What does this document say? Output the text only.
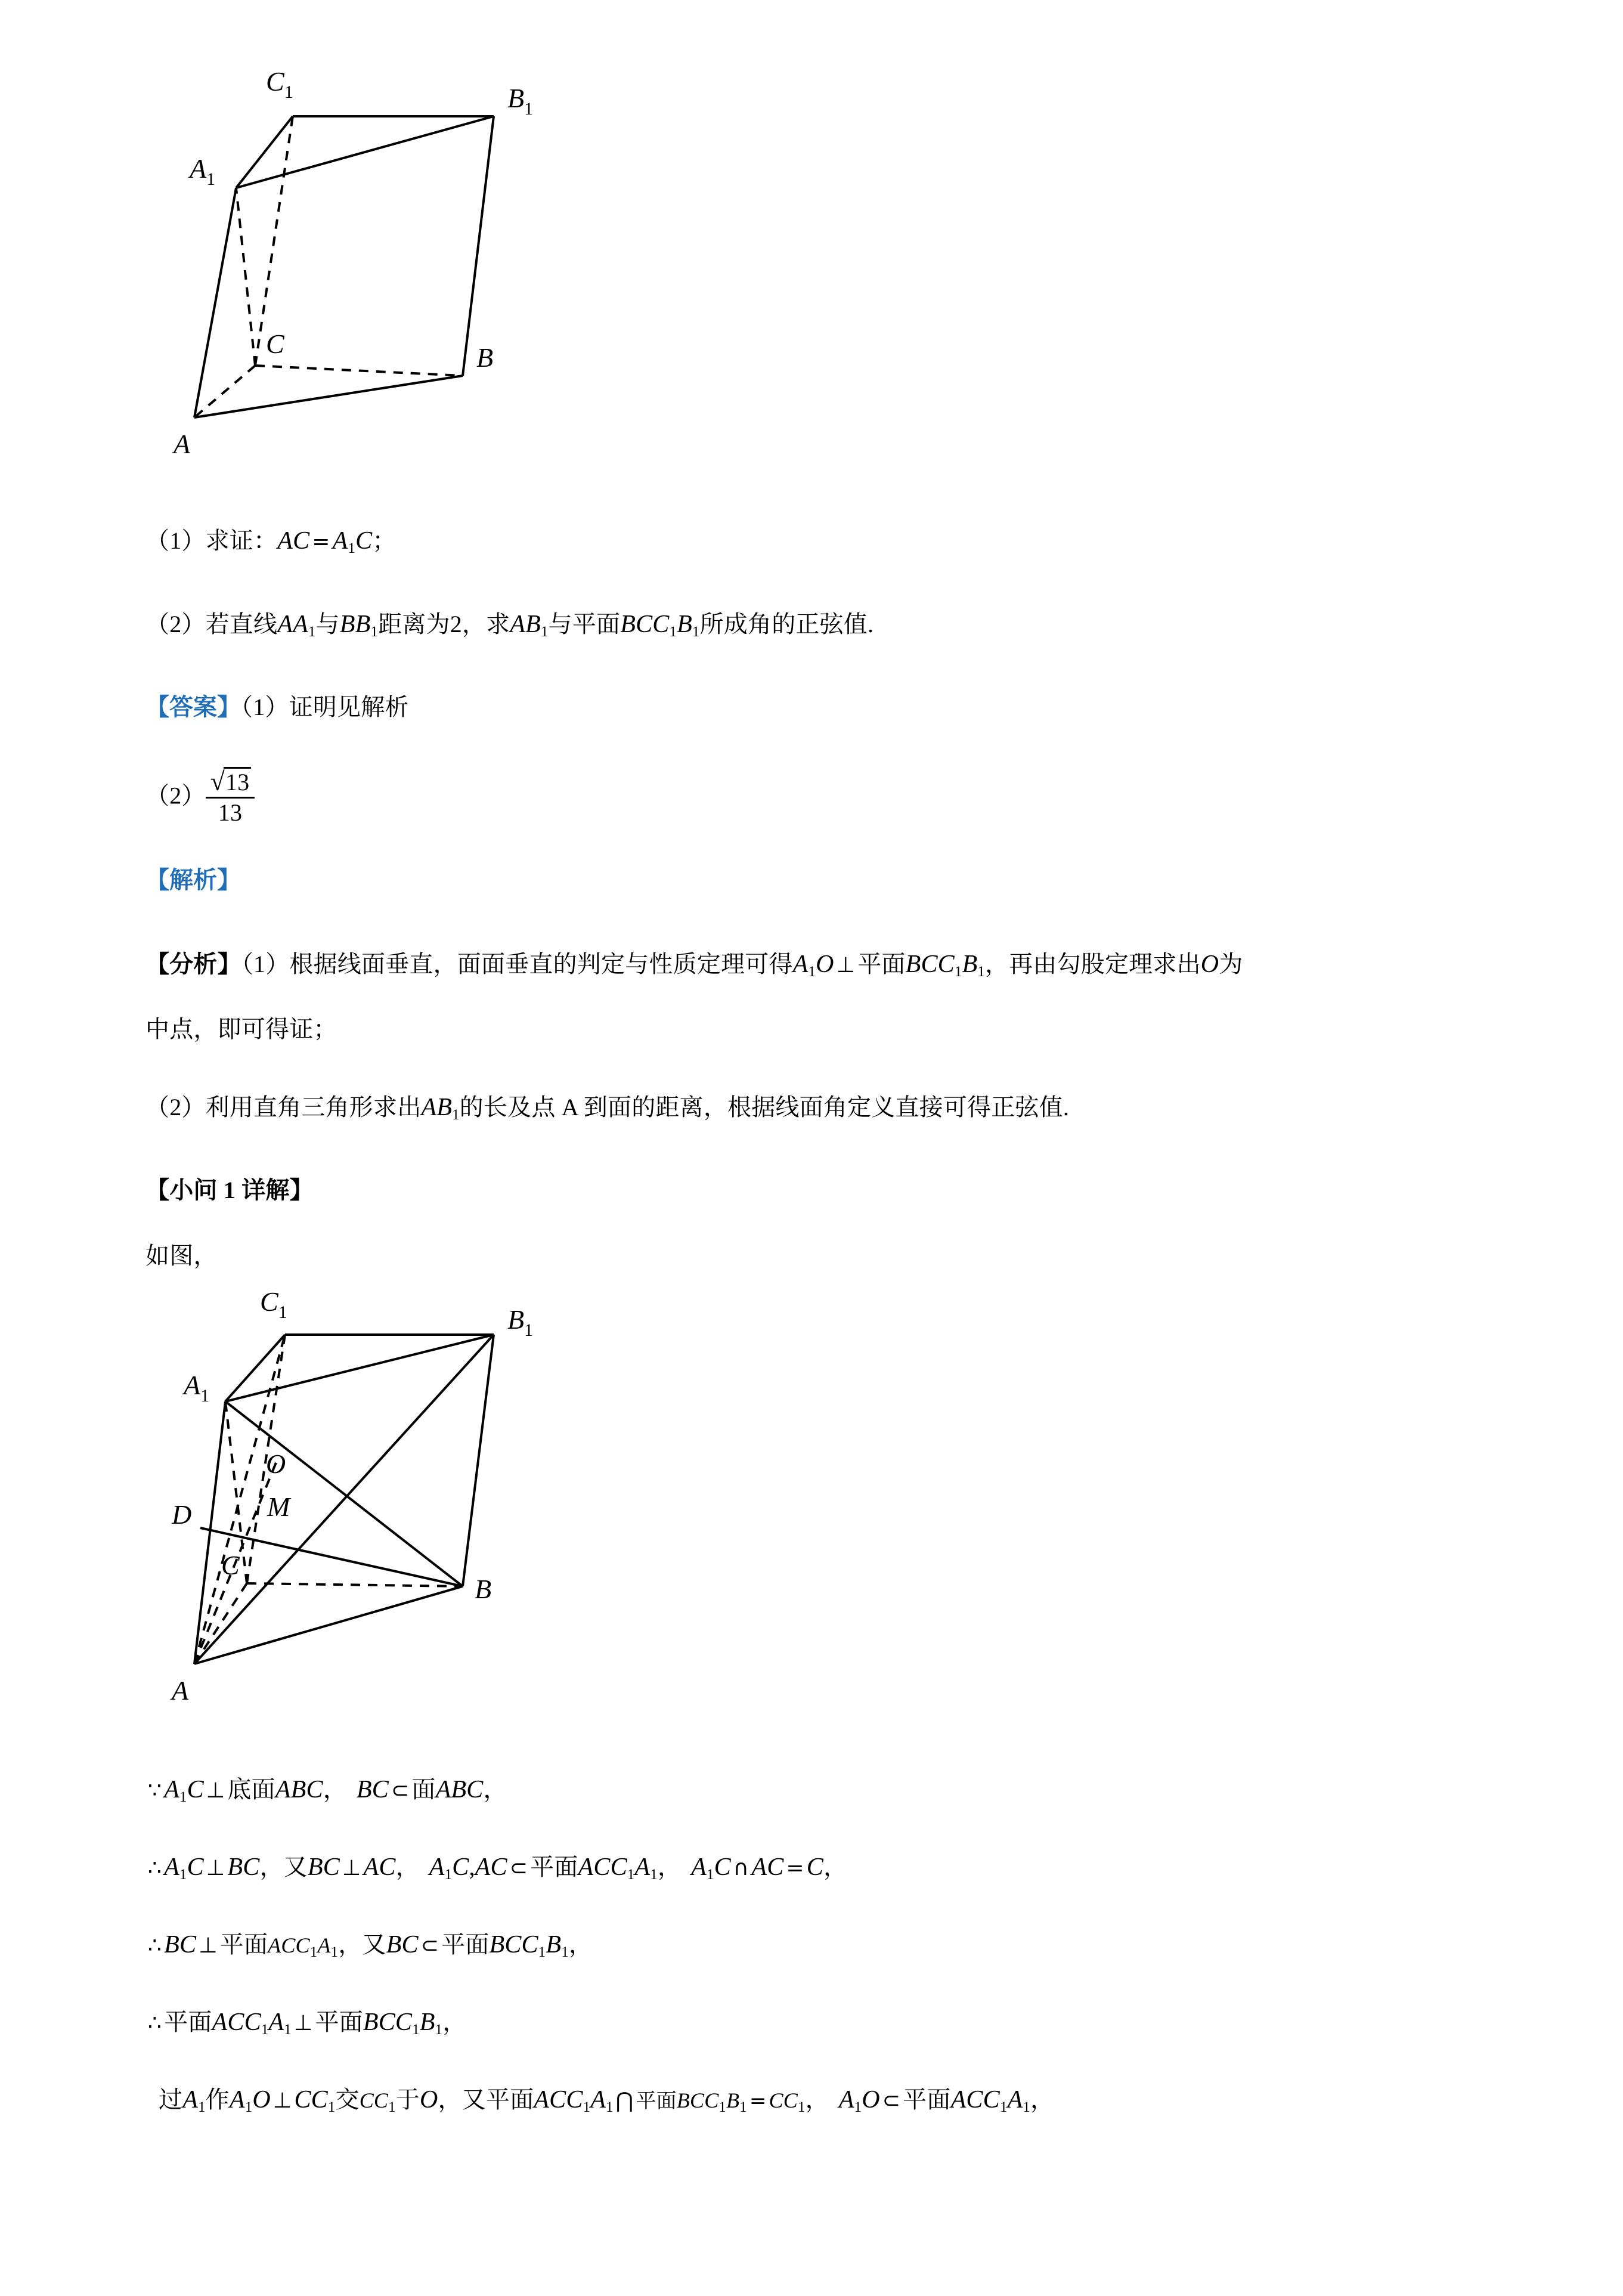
A
B
C
$A_1$
$B_1$
$C_1$
（1）求证：AC $=A_1C$；
（2）若直线$AA_1$与$BB_1$距离为2，求$AB_1$与平面$BCC_1B_1$所成角的正弦值.
【答案】（1）证明见解析
$(2) \frac{√13}{13}$
【解析】
【分析】（1）根据线面垂直，面面垂直的判定与性质定理可得$A_1O$ ⊥ 平面$BCC_1B_1$，再由勾股定理求出O为
中点，即可得证；
（2）利用直角三角形求出$AB_1$的长及点 A 到面的距离，根据线面角定义直接可得正弦值.
【小问 1 详解】
如图，
A
B
C
$A_1$
$B_1$
$C_1$
D
O
M
$\because A_1C$ ⊥ 底面ABC， BC ⊂ 面ABC，
$\therefore A_1C$ ⊥BC，又BC ⊥AC， $A_1C,AC$ ⊂ 平面$ACC_1A_1$， $A_1C$ ∩AC =C，
∴BC ⊥ 平面$ACC_1A_1$，又BC ⊂ 平面$BCC_1B_1$，
∴ 平面$ACC_1A_1$ ⊥ 平面$BCC_1B_1$，
过$A_1$作$A_1O$ $\perp CC_1$交$CC_1$于O，又平面$ACC_1A_1$ ⋂ 平面$BCC_1B_1 = CC_1$， $A_1O$ ⊂ 平面$ACC_1A_1$，
